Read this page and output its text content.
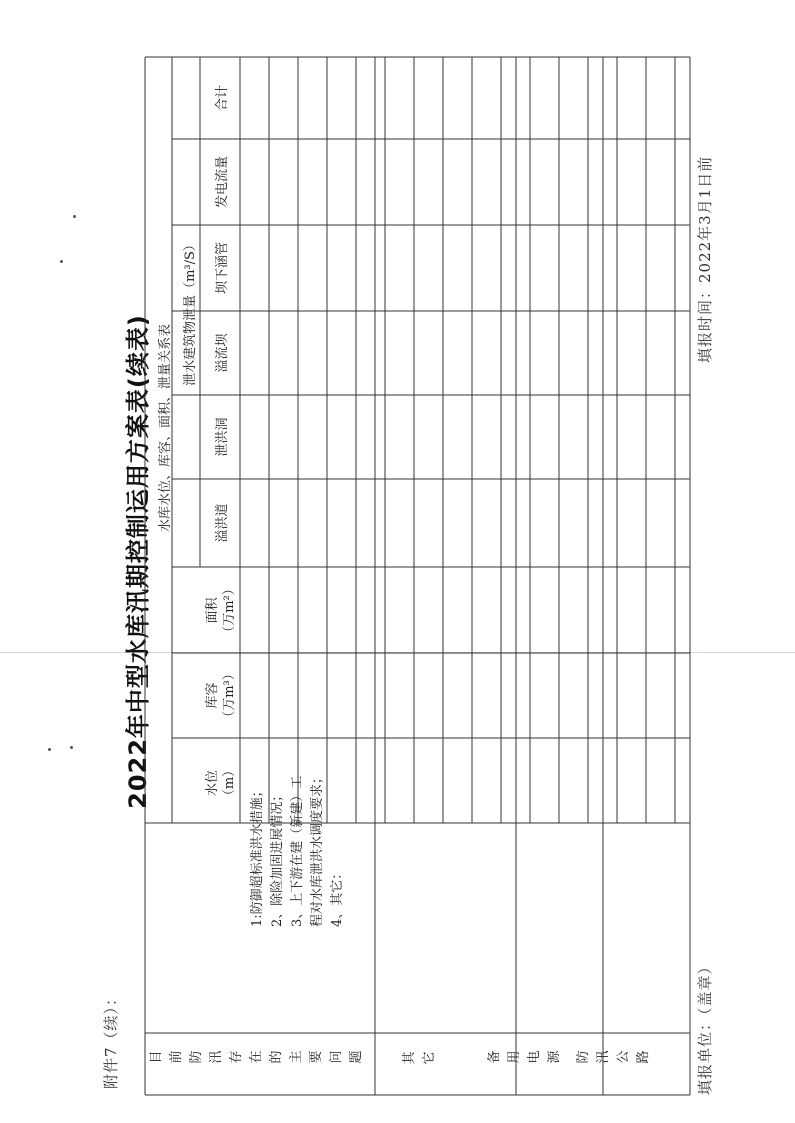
附件7（续）：
2022年中型水库汛期控制运用方案表(续表)
目前防汛存在的主要问题	其它	备用电源 防汛公路
1:防御超标准洪水措施； 2、除险加固进展情况； 3、上下游在建（新建）工 程对水库泄洪水调度要求； 4、其它：
水库水位、库容、面积、泄量关系表
水位
（m）
库容
（万m³）
面积
（万m²）
泄水建筑物泄量（m³/S）
溢洪道
泄洪洞
溢流坝
坝下涵管
发电流量
合计
填报单位：（盖章）
填报时间：2022年3月1日前
